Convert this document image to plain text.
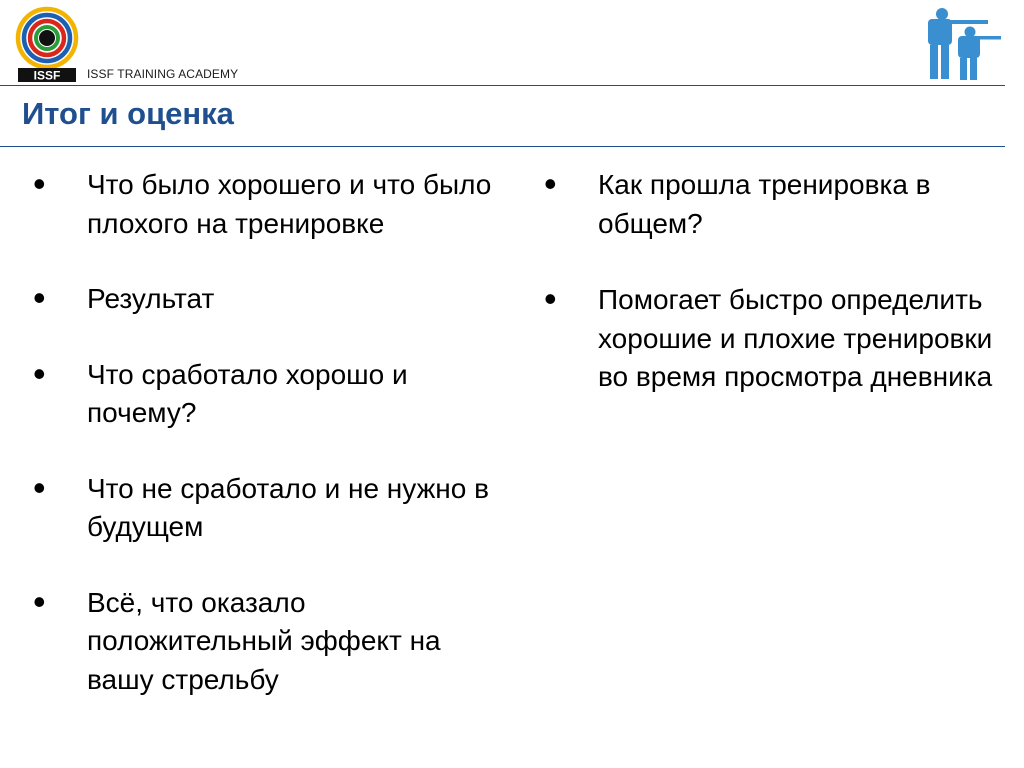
ISSF ISSF TRAINING ACADEMY
Итог и оценка
• Что было хорошего и что было плохого на тренировке
• Результат
• Что сработало хорошо и почему?
• Что не сработало и не нужно в будущем
• Всё, что оказало положительный эффект на вашу стрельбу
• Как прошла тренировка в общем?
• Помогает быстро определить хорошие и плохие тренировки во время просмотра дневника
